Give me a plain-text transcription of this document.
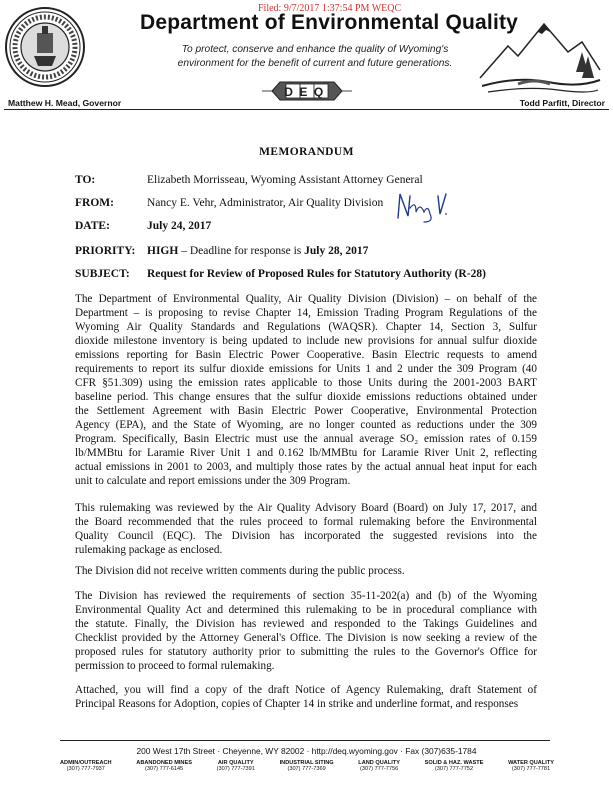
Filed: 9/7/2017 1:37:54 PM WEQC
Department of Environmental Quality
To protect, conserve and enhance the quality of Wyoming's
environment for the benefit of current and future generations.
DEQ
Matthew H. Mead, Governor	Todd Parfitt, Director
MEMORANDUM
TO:	Elizabeth Morrisseau, Wyoming Assistant Attorney General
FROM:	Nancy E. Vehr, Administrator, Air Quality Division
DATE:	July 24, 2017
PRIORITY: HIGH – Deadline for response is July 28, 2017
SUBJECT: Request for Review of Proposed Rules for Statutory Authority (R-28)
The Department of Environmental Quality, Air Quality Division (Division) – on behalf of the
Department – is proposing to revise Chapter 14, Emission Trading Program Regulations of the
Wyoming Air Quality Standards and Regulations (WAQSR). Chapter 14, Section 3, Sulfur
dioxide milestone inventory is being updated to include new provisions for annual sulfur dioxide
emissions reporting for Basin Electric Power Cooperative. Basin Electric requests to amend
requirements to report its sulfur dioxide emissions for Units 1 and 2 under the 309 Program (40
CFR §51.309) using the emission rates applicable to those Units during the 2001-2003 BART
baseline period. This change ensures that the sulfur dioxide emissions reductions obtained under
the Settlement Agreement with Basin Electric Power Cooperative, Environmental Protection
Agency (EPA), and the State of Wyoming, are no longer counted as reductions under the 309
Program. Specifically, Basin Electric must use the annual average SO₂ emission rates of 0.159
lb/MMBtu for Laramie River Unit 1 and 0.162 lb/MMBtu for Laramie River Unit 2, reflecting
actual emissions in 2001 to 2003, and multiply those rates by the actual annual heat input for each
unit to calculate and report emissions under the 309 Program.
This rulemaking was reviewed by the Air Quality Advisory Board (Board) on July 17, 2017, and
the Board recommended that the rules proceed to formal rulemaking before the Environmental
Quality Council (EQC). The Division has incorporated the suggested revisions into the
rulemaking package as enclosed.
The Division did not receive written comments during the public process.
The Division has reviewed the requirements of section 35-11-202(a) and (b) of the Wyoming
Environmental Quality Act and determined this rulemaking to be in procedural compliance with
the statute. Finally, the Division has reviewed and responded to the Takings Guidelines and
Checklist provided by the Attorney General's Office. The Division is now seeking a review of the
proposed rules for statutory authority prior to submitting the rules to the Governor's Office for
permission to proceed to formal rulemaking.
Attached, you will find a copy of the draft Notice of Agency Rulemaking, draft Statement of
Principal Reasons for Adoption, copies of Chapter 14 in strike and underline format, and responses
200 West 17th Street · Cheyenne, WY 82002 · http://deq.wyoming.gov · Fax (307)635-1784
ADMIN/OUTREACH
(307) 777-7937
ABANDONED MINES
(307) 777-6145
AIR QUALITY
(307) 777-7391
INDUSTRIAL SITING
(307) 777-7369
LAND QUALITY
(307) 777-7756
SOLID & HAZ. WASTE
(307) 777-7752
WATER QUALITY
(307) 777-7781
